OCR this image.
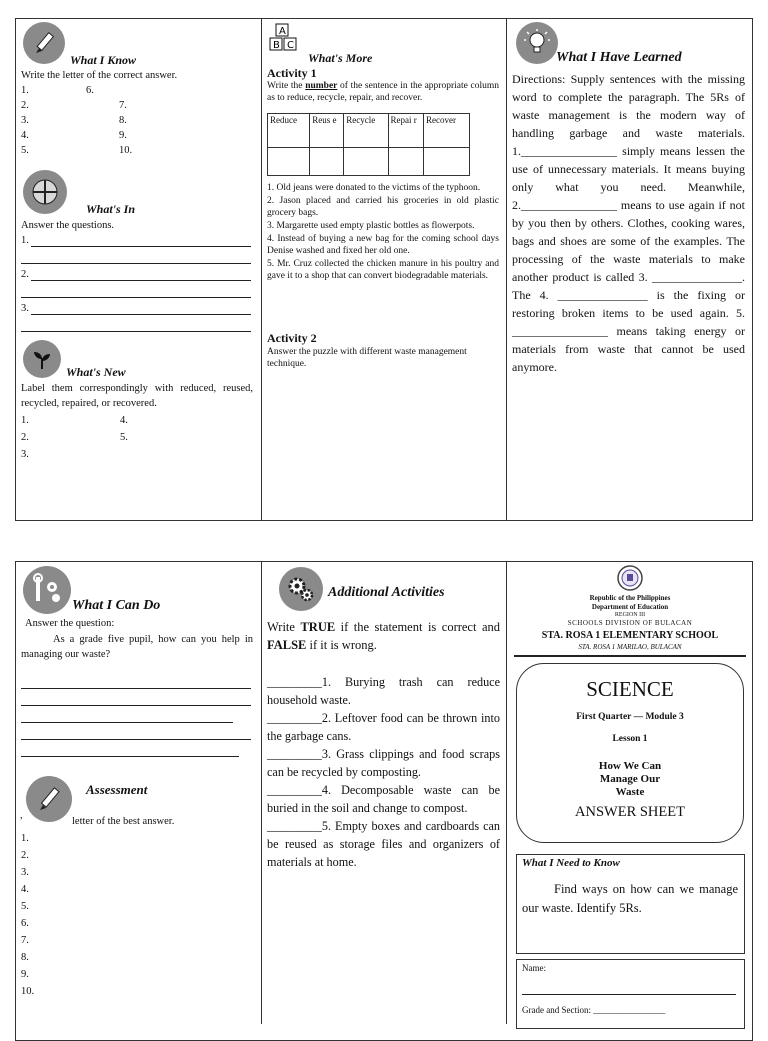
What I Know
Write the letter of the correct answer.
1.
2.
3.
4.
5.
6.
7.
8.
9.
10.
What's In
Answer the questions.
1.
2.
3.
What's New
Label them correspondingly with reduced, reused, recycled, repaired, or recovered.
1.
2.
3.
4.
5.
A
B C
What's More
Activity 1
Write the number of the sentence in the appropriate column as to reduce, recycle, repair, and recover.
Reduce	Reus e	Recycle	Repai r	Recover

1. Old jeans were donated to the victims of the typhoon.
2. Jason placed and carried his groceries in old plastic grocery bags.
3. Margarette used empty plastic bottles as flowerpots.
4. Instead of buying a new bag for the coming school days Denise washed and fixed her old one.
5. Mr. Cruz collected the chicken manure in his poultry and gave it to a shop that can convert biodegradable materials.
Activity 2
Answer the puzzle with different waste management technique.
What I Have Learned
Directions: Supply sentences with the missing word to complete the paragraph. The 5Rs of waste management is the modern way of handling garbage and waste materials. 1.________________ simply means lessen the use of unnecessary materials. It means buying only what you need. Meanwhile, 2.________________ means to use again if not by you then by others. Clothes, cooking wares, bags and shoes are some of the examples. The processing of the waste materials to make another product is called 3. _______________. The 4. _______________ is the fixing or restoring broken items to be used again. 5. ________________ means taking energy or materials from waste that cannot be used anymore.
What I Can Do
Answer the question:
As a grade five pupil, how can you help in managing our waste?
Assessment
,
letter of the best answer.
1.
2.
3.
4.
5.
6.
7.
8.
9.
10.
Additional Activities
Write TRUE if the statement is correct and FALSE if it is wrong.
_________1. Burying trash can reduce household waste.
_________2. Leftover food can be thrown into the garbage cans.
_________3. Grass clippings and food scraps can be recycled by composting.
_________4. Decomposable waste can be buried in the soil and change to compost.
_________5. Empty boxes and cardboards can be reused as storage files and organizers of materials at home.
Republic of the Philippines
Department of Education
REGION III
SCHOOLS DIVISION OF BULACAN
STA. ROSA 1 ELEMENTARY SCHOOL
STA. ROSA 1 MARILAO, BULACAN
SCIENCE
First Quarter — Module 3
Lesson 1
How We Can Manage Our Waste
ANSWER SHEET
What I Need to Know
Find ways on how can we manage our waste. Identify 5Rs.
Name:
Grade and Section: ________________
